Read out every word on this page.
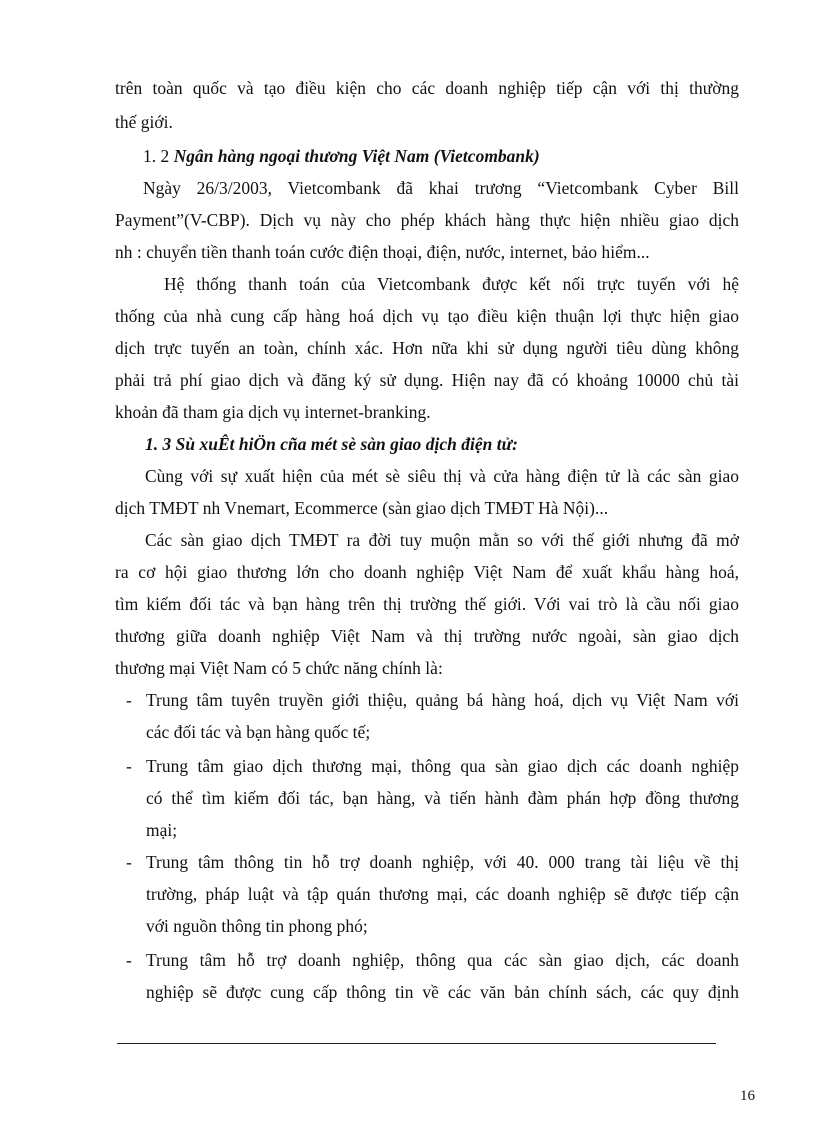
trên toàn quốc và tạo điều kiện cho các doanh nghiệp tiếp cận với thị thường
thế giới.
1. 2 Ngân hàng ngoại thương Việt Nam (Vietcombank)
Ngày 26/3/2003, Vietcombank đã khai trương “Vietcombank Cyber Bill
Payment”(V-CBP). Dịch vụ này cho phép khách hàng thực hiện nhiều giao dịch
nh : chuyển tiền thanh toán cước điện thoại, điện, nước, internet, bảo hiểm...
Hệ thống thanh toán của Vietcombank được kết nối trực tuyến với hệ
thống của nhà cung cấp hàng hoá dịch vụ tạo điều kiện thuận lợi thực hiện giao
dịch trực tuyến an toàn, chính xác. Hơn nữa khi sử dụng người tiêu dùng không
phải trả phí giao dịch và đăng ký sử dụng. Hiện nay đã có khoảng 10000 chủ tài
khoản đã tham gia dịch vụ internet-branking.
1. 3 Sù xuÊt hiÖn cña mét sè sàn giao dịch điện tử:
Cùng với sự xuất hiện của mét sè siêu thị và cửa hàng điện tử là các sàn giao
dịch TMĐT nh Vnemart, Ecommerce (sàn giao dịch TMĐT Hà Nội)...
Các sàn giao dịch TMĐT ra đời tuy muộn mằn so với thế giới nhưng đã mở
ra cơ hội giao thương lớn cho doanh nghiệp Việt Nam để xuất khẩu hàng hoá,
tìm kiếm đối tác và bạn hàng trên thị trường thế giới. Với vai trò là cầu nối giao
thương giữa doanh nghiệp Việt Nam và thị trường nước ngoài, sàn giao dịch
thương mại Việt Nam có 5 chức năng chính là:
- Trung tâm tuyên truyền giới thiệu, quảng bá hàng hoá, dịch vụ Việt Nam với
các đối tác và bạn hàng quốc tế;
- Trung tâm giao dịch thương mại, thông qua sàn giao dịch các doanh nghiệp
có thể tìm kiếm đối tác, bạn hàng, và tiến hành đàm phán hợp đồng thương
mại;
- Trung tâm thông tin hỗ trợ doanh nghiệp, với 40. 000 trang tài liệu về thị
trường, pháp luật và tập quán thương mại, các doanh nghiệp sẽ được tiếp cận
với nguồn thông tin phong phó;
- Trung tâm hỗ trợ doanh nghiệp, thông qua các sàn giao dịch, các doanh
nghiệp sẽ được cung cấp thông tin về các văn bản chính sách, các quy định
16
